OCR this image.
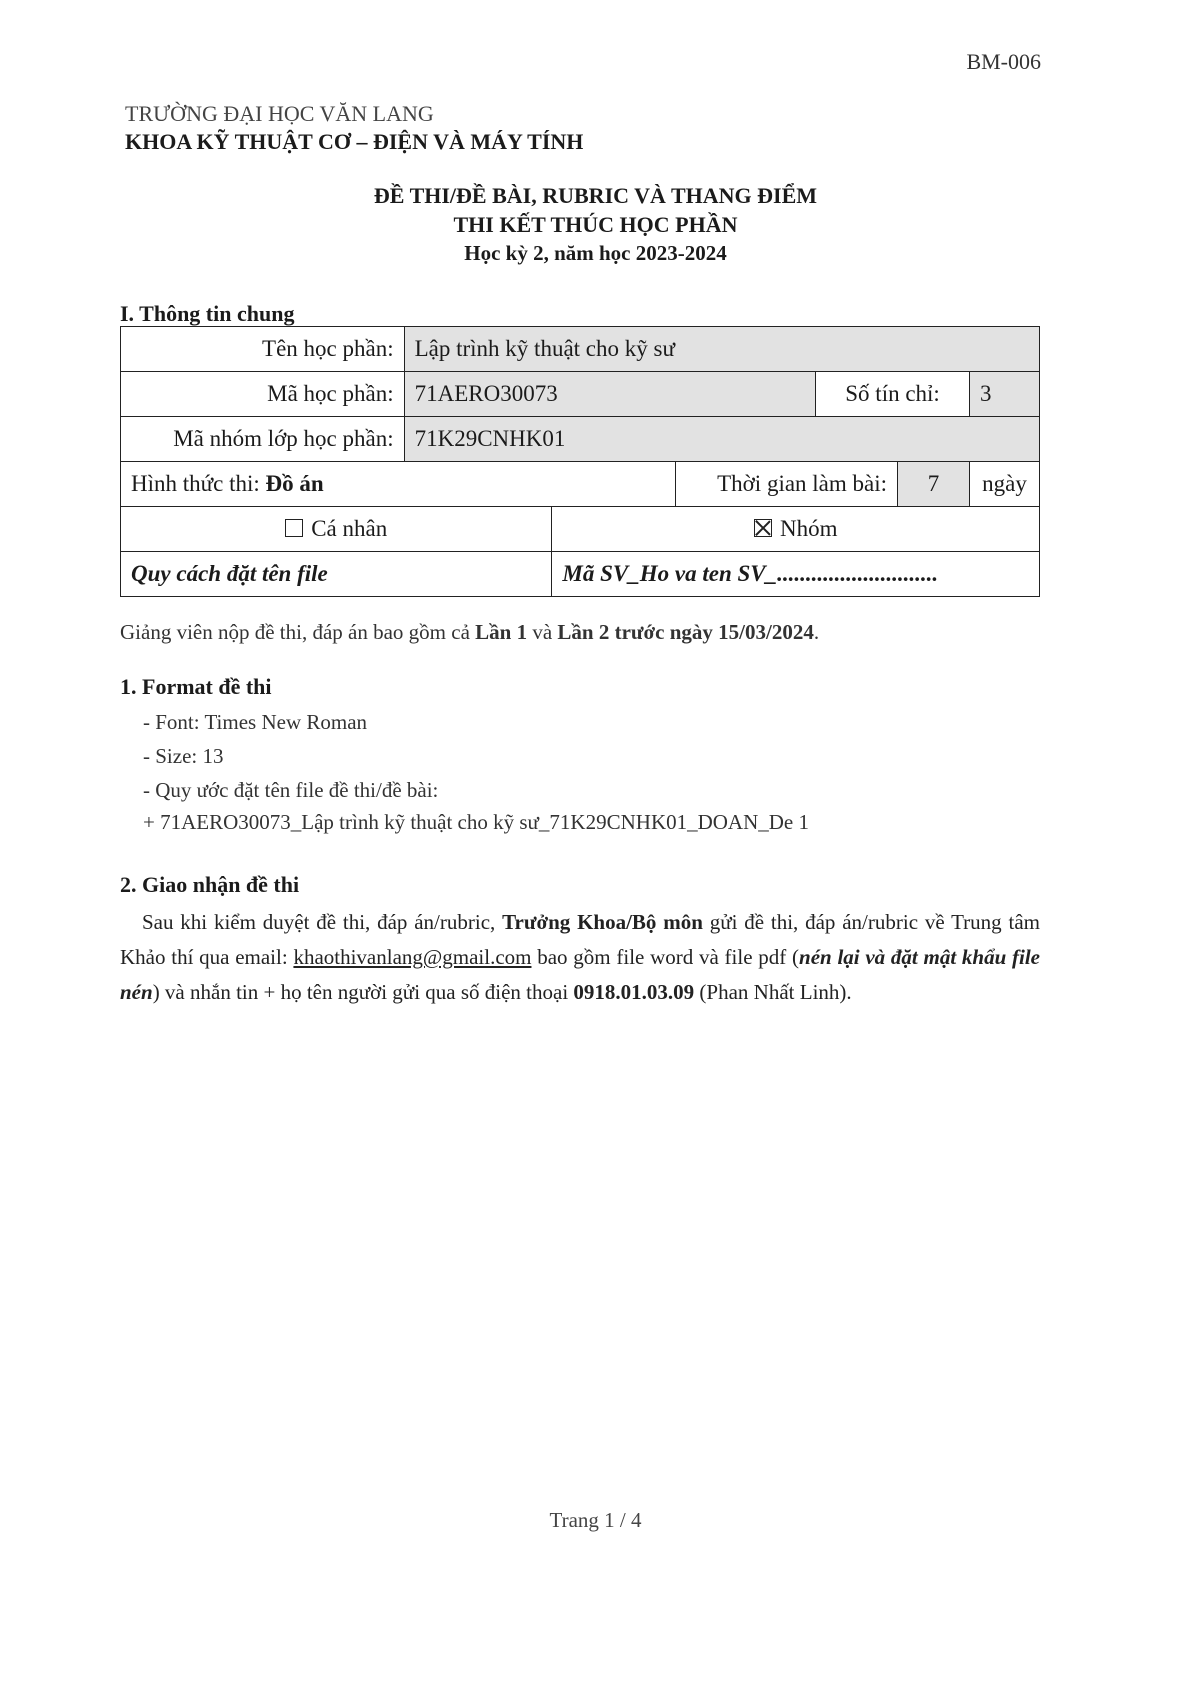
BM-006
TRƯỜNG ĐẠI HỌC VĂN LANG
KHOA KỸ THUẬT CƠ – ĐIỆN VÀ MÁY TÍNH
ĐỀ THI/ĐỀ BÀI, RUBRIC VÀ THANG ĐIỂM
THI KẾT THÚC HỌC PHẦN
Học kỳ 2, năm học 2023-2024
I. Thông tin chung
Tên học phần:	Lập trình kỹ thuật cho kỹ sư					
Mã học phần:	71AERO30073			Số tín chỉ:		3
Mã nhóm lớp học phần:	71K29CNHK01					
Hình thức thi: Đồ án			Thời gian làm bài:		7	ngày
Cá nhân		Nhóm				
Quy cách đặt tên file		Mã SV_Ho va ten SV_............................				
Giảng viên nộp đề thi, đáp án bao gồm cả Lần 1 và Lần 2 trước ngày 15/03/2024.
1. Format đề thi
- Font: Times New Roman
- Size: 13
- Quy ước đặt tên file đề thi/đề bài:
+ 71AERO30073_Lập trình kỹ thuật cho kỹ sư_71K29CNHK01_DOAN_De 1
2. Giao nhận đề thi
Sau khi kiểm duyệt đề thi, đáp án/rubric, Trưởng Khoa/Bộ môn gửi đề thi, đáp án/rubric về Trung tâm Khảo thí qua email: khaothivanlang@gmail.com bao gồm file word và file pdf (nén lại và đặt mật khẩu file nén) và nhắn tin + họ tên người gửi qua số điện thoại 0918.01.03.09 (Phan Nhất Linh).
Trang 1 / 4
